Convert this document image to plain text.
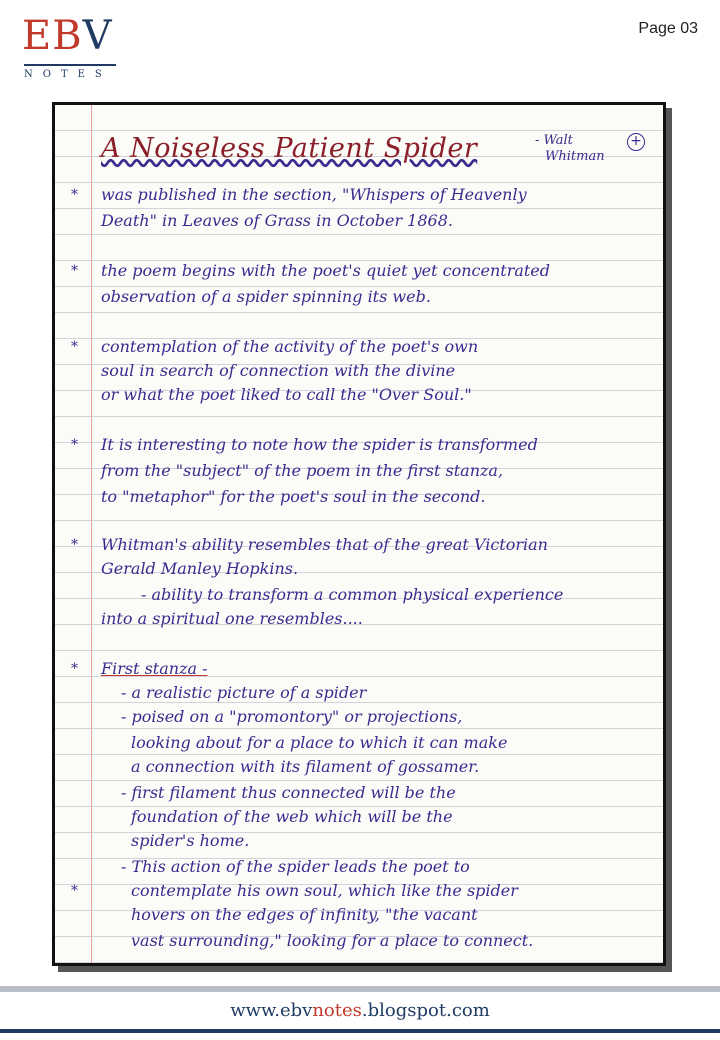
EBV
NOTES
Page 03
A Noiseless Patient Spider	- Walt
Whitman
+
was published in the section, "Whispers of Heavenly
Death" in Leaves of Grass in October 1868.
the poem begins with the poet's quiet yet concentrated
observation of a spider spinning its web.
contemplation of the activity of the poet's own
soul in search of connection with the divine
or what the poet liked to call the "Over Soul."
It is interesting to note how the spider is transformed
from the "subject" of the poem in the first stanza,
to "metaphor" for the poet's soul in the second.
Whitman's ability resembles that of the great Victorian
Gerald Manley Hopkins.
- ability to transform a common physical experience
into a spiritual one resembles....
First stanza -
- a realistic picture of a spider
- poised on a "promontory" or projections,
looking about for a place to which it can make
a connection with its filament of gossamer.
- first filament thus connected will be the
foundation of the web which will be the
spider's home.
- This action of the spider leads the poet to
contemplate his own soul, which like the spider
hovers on the edges of infinity, "the vacant
vast surrounding," looking for a place to connect.
*
*
*
*
*
*
*
www.ebvnotes.blogspot.com
